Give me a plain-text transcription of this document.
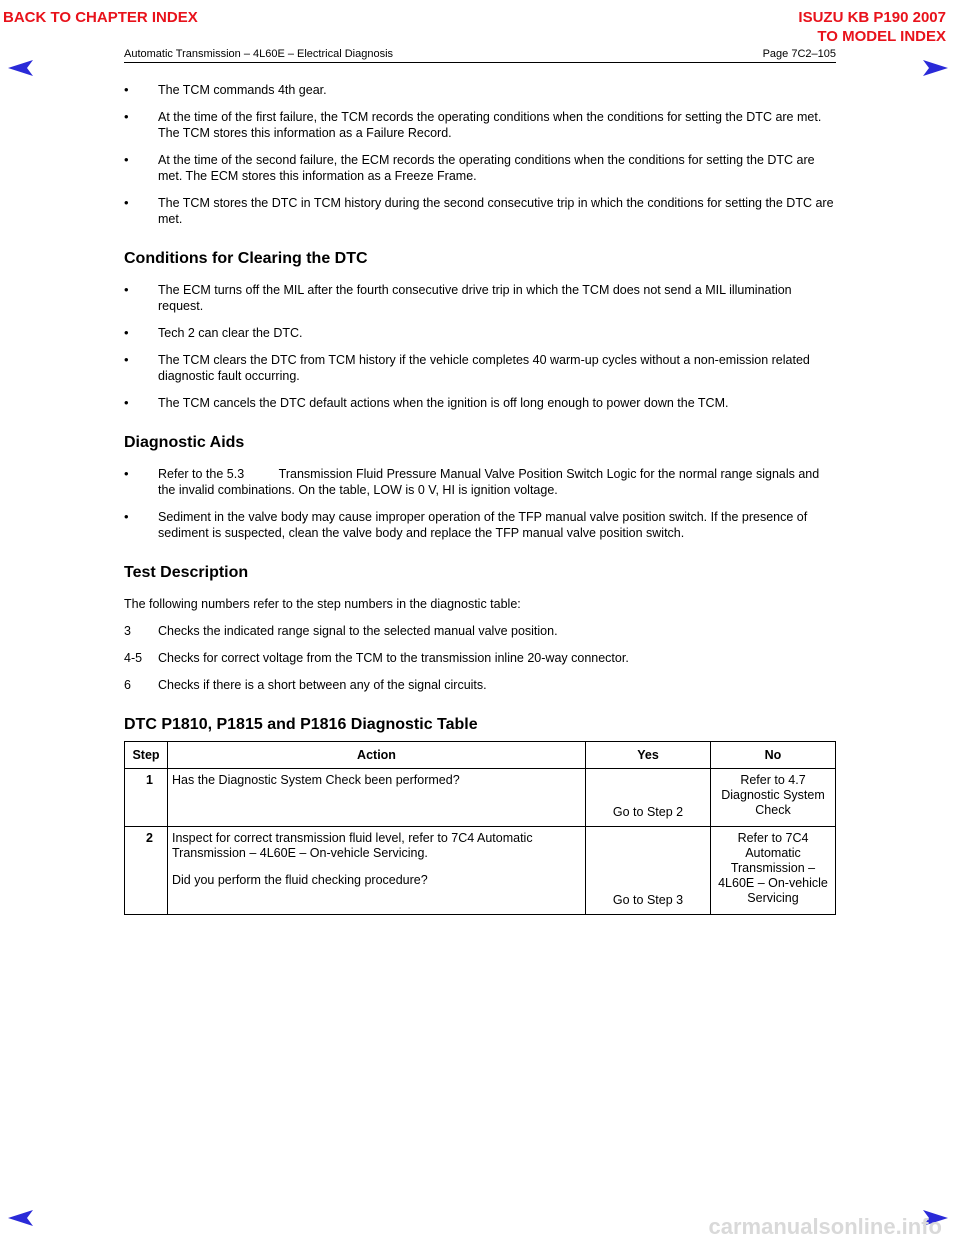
BACK TO CHAPTER INDEX	ISUZU KB P190 2007
TO MODEL INDEX
Automatic Transmission – 4L60E – Electrical Diagnosis	Page 7C2–105
• The TCM commands 4th gear.
• At the time of the first failure, the TCM records the operating conditions when the conditions for setting the DTC are met. The TCM stores this information as a Failure Record.
• At the time of the second failure, the ECM records the operating conditions when the conditions for setting the DTC are met. The ECM stores this information as a Freeze Frame.
• The TCM stores the DTC in TCM history during the second consecutive trip in which the conditions for setting the DTC are met.
Conditions for Clearing the DTC
• The ECM turns off the MIL after the fourth consecutive drive trip in which the TCM does not send a MIL illumination request.
• Tech 2 can clear the DTC.
• The TCM clears the DTC from TCM history if the vehicle completes 40 warm-up cycles without a non-emission related diagnostic fault occurring.
• The TCM cancels the DTC default actions when the ignition is off long enough to power down the TCM.
Diagnostic Aids
• Refer to the 5.3          Transmission Fluid Pressure Manual Valve Position Switch Logic for the normal range signals and the invalid combinations. On the table, LOW is 0 V, HI is ignition voltage.
• Sediment in the valve body may cause improper operation of the TFP manual valve position switch. If the presence of sediment is suspected, clean the valve body and replace the TFP manual valve position switch.
Test Description

The following numbers refer to the step numbers in the diagnostic table:

3 Checks the indicated range signal to the selected manual valve position.
4-5 Checks for correct voltage from the TCM to the transmission inline 20-way connector.
6 Checks if there is a short between any of the signal circuits.
DTC P1810, P1815 and P1816 Diagnostic Table
Step	Action	Yes	No
1	Has the Diagnostic System Check been performed?	Go to Step 2	Refer to 4.7          Diagnostic System Check
2	Inspect for correct transmission fluid level, refer to 7C4 Automatic Transmission – 4L60E – On-vehicle Servicing.
Did you perform the fluid checking procedure?	Go to Step 3	Refer to 7C4 Automatic Transmission – 4L60E – On-vehicle Servicing
carmanualsonline.info
